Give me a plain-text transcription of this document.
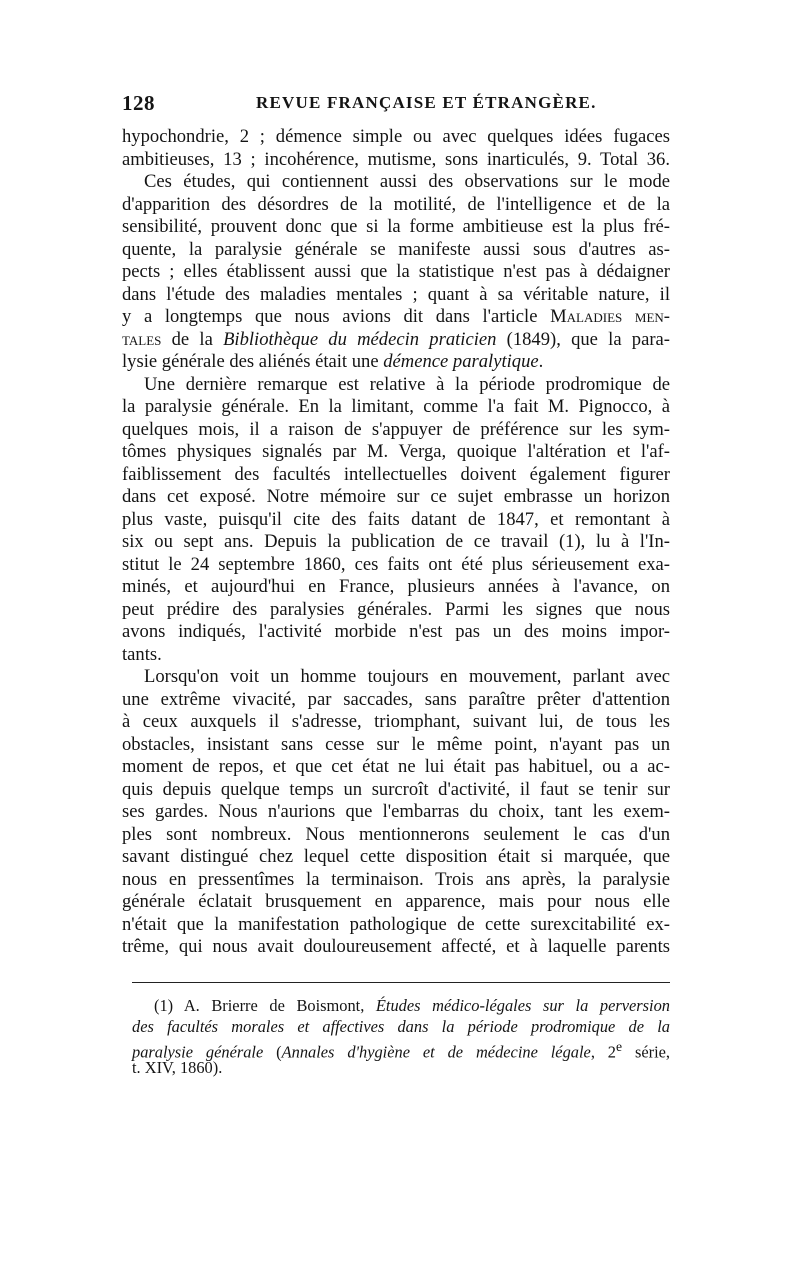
128	REVUE FRANÇAISE ET ÉTRANGÈRE.
hypochondrie, 2 ; démence simple ou avec quelques idées fugaces
ambitieuses, 13 ; incohérence, mutisme, sons inarticulés, 9. Total 36.
Ces études, qui contiennent aussi des observations sur le mode
d'apparition des désordres de la motilité, de l'intelligence et de la
sensibilité, prouvent donc que si la forme ambitieuse est la plus fré-
quente, la paralysie générale se manifeste aussi sous d'autres as-
pects ; elles établissent aussi que la statistique n'est pas à dédaigner
dans l'étude des maladies mentales ; quant à sa véritable nature, il
y a longtemps que nous avions dit dans l'article Maladies men-
tales de la Bibliothèque du médecin praticien (1849), que la para-
lysie générale des aliénés était une démence paralytique.
Une dernière remarque est relative à la période prodromique de
la paralysie générale. En la limitant, comme l'a fait M. Pignocco, à
quelques mois, il a raison de s'appuyer de préférence sur les sym-
tômes physiques signalés par M. Verga, quoique l'altération et l'af-
faiblissement des facultés intellectuelles doivent également figurer
dans cet exposé. Notre mémoire sur ce sujet embrasse un horizon
plus vaste, puisqu'il cite des faits datant de 1847, et remontant à
six ou sept ans. Depuis la publication de ce travail (1), lu à l'In-
stitut le 24 septembre 1860, ces faits ont été plus sérieusement exa-
minés, et aujourd'hui en France, plusieurs années à l'avance, on
peut prédire des paralysies générales. Parmi les signes que nous
avons indiqués, l'activité morbide n'est pas un des moins impor-
tants.
Lorsqu'on voit un homme toujours en mouvement, parlant avec
une extrême vivacité, par saccades, sans paraître prêter d'attention
à ceux auxquels il s'adresse, triomphant, suivant lui, de tous les
obstacles, insistant sans cesse sur le même point, n'ayant pas un
moment de repos, et que cet état ne lui était pas habituel, ou a ac-
quis depuis quelque temps un surcroît d'activité, il faut se tenir sur
ses gardes. Nous n'aurions que l'embarras du choix, tant les exem-
ples sont nombreux. Nous mentionnerons seulement le cas d'un
savant distingué chez lequel cette disposition était si marquée, que
nous en pressentîmes la terminaison. Trois ans après, la paralysie
générale éclatait brusquement en apparence, mais pour nous elle
n'était que la manifestation pathologique de cette surexcitabilité ex-
trême, qui nous avait douloureusement affecté, et à laquelle parents
(1) A. Brierre de Boismont, Études médico-légales sur la perversion
des facultés morales et affectives dans la période prodromique de la
paralysie générale (Annales d'hygiène et de médecine légale, 2e série,
t. XIV, 1860).
